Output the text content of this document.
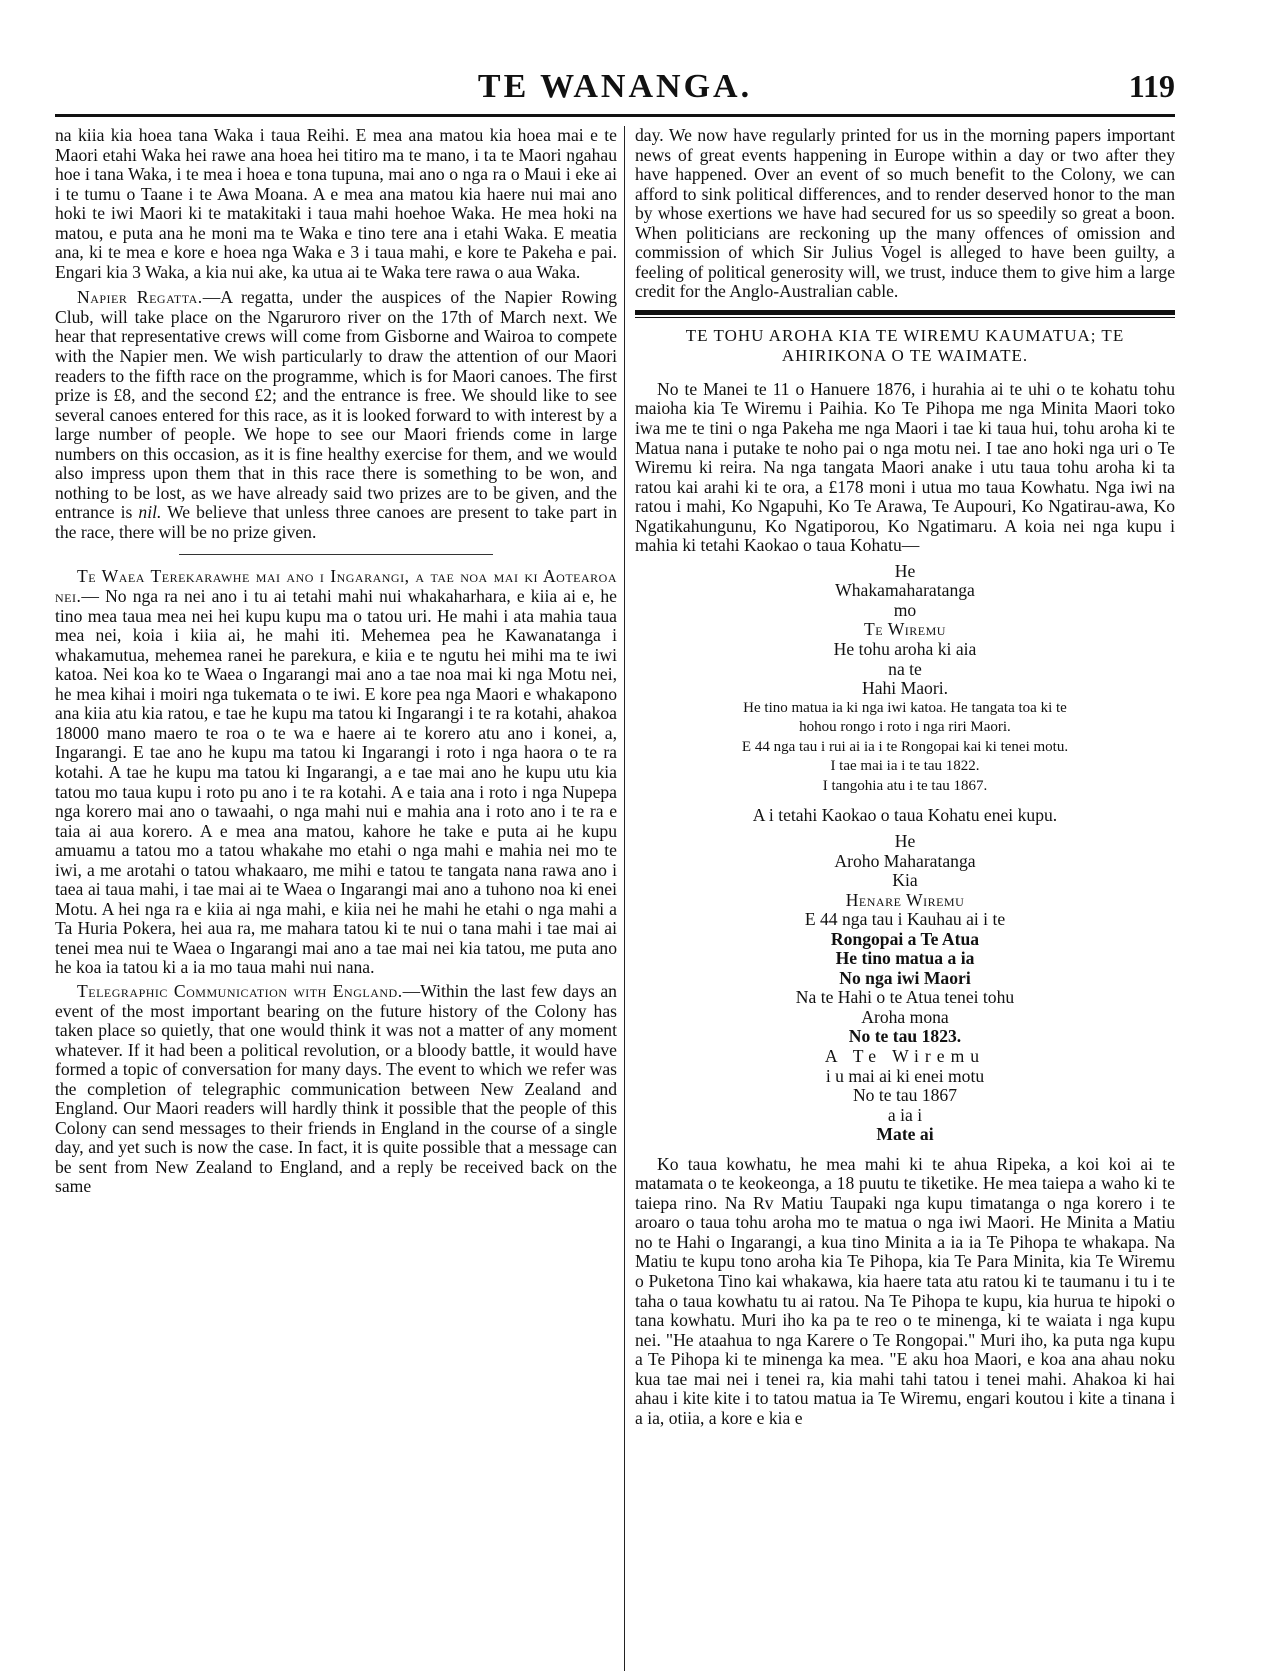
TE WANANGA.	119

na kiia kia hoea tana Waka i taua Reihi. E mea ana matou kia hoea mai e te Maori etahi Waka hei rawe ana hoea hei titiro ma te mano, i ta te Maori ngahau hoe i tana Waka, i te mea i hoea e tona tupuna, mai ano o nga ra o Maui i eke ai i te tumu o Taane i te Awa Moana. A e mea ana matou kia haere nui mai ano hoki te iwi Maori ki te matakitaki i taua mahi hoehoe Waka. He mea hoki na matou, e puta ana he moni ma te Waka e tino tere ana i etahi Waka. E meatia ana, ki te mea e kore e hoea nga Waka e 3 i taua mahi, e kore te Pakeha e pai. Engari kia 3 Waka, a kia nui ake, ka utua ai te Waka tere rawa o aua Waka.

Napier Regatta.—A regatta, under the auspices of the Napier Rowing Club, will take place on the Ngaruroro river on the 17th of March next. We hear that representative crews will come from Gisborne and Wairoa to compete with the Napier men. We wish particularly to draw the attention of our Maori readers to the fifth race on the programme, which is for Maori canoes. The first prize is £8, and the second £2; and the entrance is free. We should like to see several canoes entered for this race, as it is looked forward to with interest by a large number of people. We hope to see our Maori friends come in large numbers on this occasion, as it is fine healthy exercise for them, and we would also impress upon them that in this race there is something to be won, and nothing to be lost, as we have already said two prizes are to be given, and the entrance is nil. We believe that unless three canoes are present to take part in the race, there will be no prize given.

Te Waea Terekarawhe mai ano i Ingarangi, a tae noa mai ki Aotearoa nei.— No nga ra nei ano i tu ai tetahi mahi nui whakaharhara, e kiia ai e, he tino mea taua mea nei hei kupu kupu ma o tatou uri. He mahi i ata mahia taua mea nei, koia i kiia ai, he mahi iti. Mehemea pea he Kawanatanga i whakamutua, mehemea ranei he parekura, e kiia e te ngutu hei mihi ma te iwi katoa. Nei koa ko te Waea o Ingarangi mai ano a tae noa mai ki nga Motu nei, he mea kihai i moiri nga tukemata o te iwi. E kore pea nga Maori e whakapono ana kiia atu kia ratou, e tae he kupu ma tatou ki Ingarangi i te ra kotahi, ahakoa 18000 mano maero te roa o te wa e haere ai te korero atu ano i konei, a, Ingarangi. E tae ano he kupu ma tatou ki Ingarangi i roto i nga haora o te ra kotahi. A tae he kupu ma tatou ki Ingarangi, a e tae mai ano he kupu utu kia tatou mo taua kupu i roto pu ano i te ra kotahi. A e taia ana i roto i nga Nupepa nga korero mai ano o tawaahi, o nga mahi nui e mahia ana i roto ano i te ra e taia ai aua korero. A e mea ana matou, kahore he take e puta ai he kupu amuamu a tatou mo a tatou whakahe mo etahi o nga mahi e mahia nei mo te iwi, a me arotahi o tatou whakaaro, me mihi e tatou te tangata nana rawa ano i taea ai taua mahi, i tae mai ai te Waea o Ingarangi mai ano a tuhono noa ki enei Motu. A hei nga ra e kiia ai nga mahi, e kiia nei he mahi he etahi o nga mahi a Ta Huria Pokera, hei aua ra, me mahara tatou ki te nui o tana mahi i tae mai ai tenei mea nui te Waea o Ingarangi mai ano a tae mai nei kia tatou, me puta ano he koa ia tatou ki a ia mo taua mahi nui nana.

Telegraphic Communication with England.—Within the last few days an event of the most important bearing on the future history of the Colony has taken place so quietly, that one would think it was not a matter of any moment whatever. If it had been a political revolution, or a bloody battle, it would have formed a topic of conversation for many days. The event to which we refer was the completion of telegraphic communication between New Zealand and England. Our Maori readers will hardly think it possible that the people of this Colony can send messages to their friends in England in the course of a single day, and yet such is now the case. In fact, it is quite possible that a message can be sent from New Zealand to England, and a reply be received back on the same

day. We now have regularly printed for us in the morning papers important news of great events happening in Europe within a day or two after they have happened. Over an event of so much benefit to the Colony, we can afford to sink political differences, and to render deserved honor to the man by whose exertions we have had secured for us so speedily so great a boon. When politicians are reckoning up the many offences of omission and commission of which Sir Julius Vogel is alleged to have been guilty, a feeling of political generosity will, we trust, induce them to give him a large credit for the Anglo-Australian cable.

TE TOHU AROHA KIA TE WIREMU KAUMATUA; TE AHIRIKONA O TE WAIMATE.

No te Manei te 11 o Hanuere 1876, i hurahia ai te uhi o te kohatu tohu maioha kia Te Wiremu i Paihia. Ko Te Pihopa me nga Minita Maori toko iwa me te tini o nga Pakeha me nga Maori i tae ki taua hui, tohu aroha ki te Matua nana i putake te noho pai o nga motu nei. I tae ano hoki nga uri o Te Wiremu ki reira. Na nga tangata Maori anake i utu taua tohu aroha ki ta ratou kai arahi ki te ora, a £178 moni i utua mo taua Kowhatu. Nga iwi na ratou i mahi, Ko Ngapuhi, Ko Te Arawa, Te Aupouri, Ko Ngatirau-awa, Ko Ngatikahungunu, Ko Ngatiporou, Ko Ngatimaru. A koia nei nga kupu i mahia ki tetahi Kaokao o taua Kohatu—

He
Whakamaharatanga
mo
Te Wiremu
He tohu aroha ki aia
na te
Hahi Maori.
He tino matua ia ki nga iwi katoa. He tangata toa ki te
hohou rongo i roto i nga riri Maori.
E 44 nga tau i rui ai ia i te Rongopai kai ki tenei motu.
I tae mai ia i te tau 1822.
I tangohia atu i te tau 1867.
A i tetahi Kaokao o taua Kohatu enei kupu.
He
Aroho Maharatanga
Kia
Henare Wiremu
E 44 nga tau i Kauhau ai i te
Rongopai a Te Atua
He tino matua a ia
No nga iwi Maori
Na te Hahi o te Atua tenei tohu
Aroha mona
No te tau 1823.
A Te Wiremu
i u mai ai ki enei motu
No te tau 1867
a ia i
Mate ai

Ko taua kowhatu, he mea mahi ki te ahua Ripeka, a koi koi ai te matamata o te keokeonga, a 18 puutu te tiketike. He mea taiepa a waho ki te taiepa rino. Na Rv Matiu Taupaki nga kupu timatanga o nga korero i te aroaro o taua tohu aroha mo te matua o nga iwi Maori. He Minita a Matiu no te Hahi o Ingarangi, a kua tino Minita a ia ia Te Pihopa te whakapa. Na Matiu te kupu tono aroha kia Te Pihopa, kia Te Para Minita, kia Te Wiremu o Puketona Tino kai whakawa, kia haere tata atu ratou ki te taumanu i tu i te taha o taua kowhatu tu ai ratou. Na Te Pihopa te kupu, kia hurua te hipoki o tana kowhatu. Muri iho ka pa te reo o te minenga, ki te waiata i nga kupu nei. "He ataahua to nga Karere o Te Rongopai." Muri iho, ka puta nga kupu a Te Pihopa ki te minenga ka mea. "E aku hoa Maori, e koa ana ahau noku kua tae mai nei i tenei ra, kia mahi tahi tatou i tenei mahi. Ahakoa ki hai ahau i kite kite i to tatou matua ia Te Wiremu, engari koutou i kite a tinana i a ia, otiia, a kore e kia e
